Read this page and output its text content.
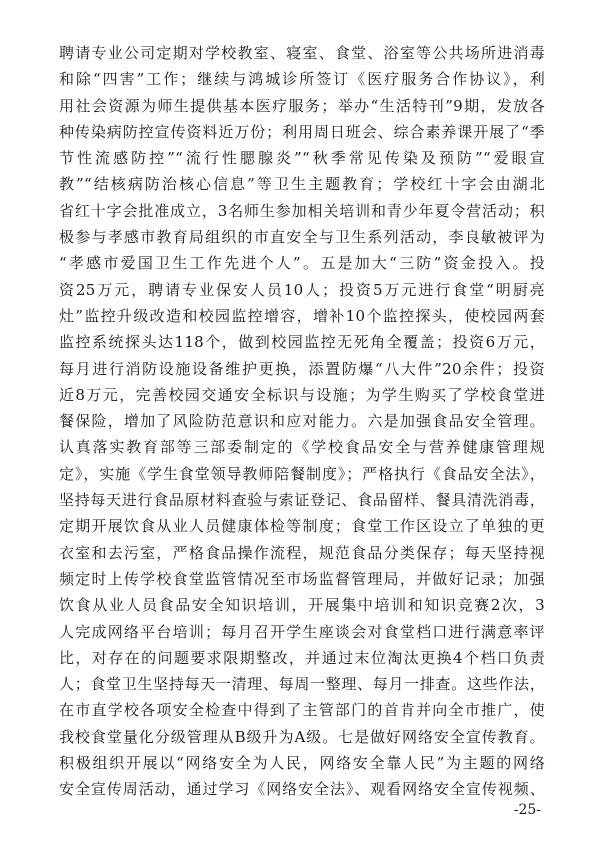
聘请专业公司定期对学校教室、寝室、食堂、浴室等公共场所进消毒
和除“四害”工作；继续与鸿城诊所签订《医疗服务合作协议》，利
用社会资源为师生提供基本医疗服务；举办“生活特刊”9期，发放各
种传染病防控宣传资料近万份；利用周日班会、综合素养课开展了“季
节性流感防控”“流行性腮腺炎”“秋季常见传染及预防”“爱眼宣
教”“结核病防治核心信息”等卫生主题教育；学校红十字会由湖北
省红十字会批准成立，3名师生参加相关培训和青少年夏令营活动；积
极参与孝感市教育局组织的市直安全与卫生系列活动，李良敏被评为
“孝感市爱国卫生工作先进个人”。五是加大“三防”资金投入。投
资25万元，聘请专业保安人员10人；投资5万元进行食堂“明厨亮
灶”监控升级改造和校园监控增容，增补10个监控探头，使校园两套
监控系统探头达118个，做到校园监控无死角全覆盖；投资6万元，
每月进行消防设施设备维护更换，添置防爆“八大件”20余件；投资
近8万元，完善校园交通安全标识与设施；为学生购买了学校食堂进
餐保险，增加了风险防范意识和应对能力。六是加强食品安全管理。
认真落实教育部等三部委制定的《学校食品安全与营养健康管理规
定》，实施《学生食堂领导教师陪餐制度》；严格执行《食品安全法》，
坚持每天进行食品原材料查验与索证登记、食品留样、餐具清洗消毒，
定期开展饮食从业人员健康体检等制度；食堂工作区设立了单独的更
衣室和去污室，严格食品操作流程，规范食品分类保存；每天坚持视
频定时上传学校食堂监管情况至市场监督管理局，并做好记录；加强
饮食从业人员食品安全知识培训，开展集中培训和知识竞赛2次，3
人完成网络平台培训；每月召开学生座谈会对食堂档口进行满意率评
比，对存在的问题要求限期整改，并通过末位淘汰更换4个档口负责
人；食堂卫生坚持每天一清理、每周一整理、每月一排查。这些作法，
在市直学校各项安全检查中得到了主管部门的首肯并向全市推广，使
我校食堂量化分级管理从B级升为A级。七是做好网络安全宣传教育。
积极组织开展以“网络安全为人民，网络安全靠人民”为主题的网络
安全宣传周活动，通过学习《网络安全法》、观看网络安全宣传视频、
-25-
